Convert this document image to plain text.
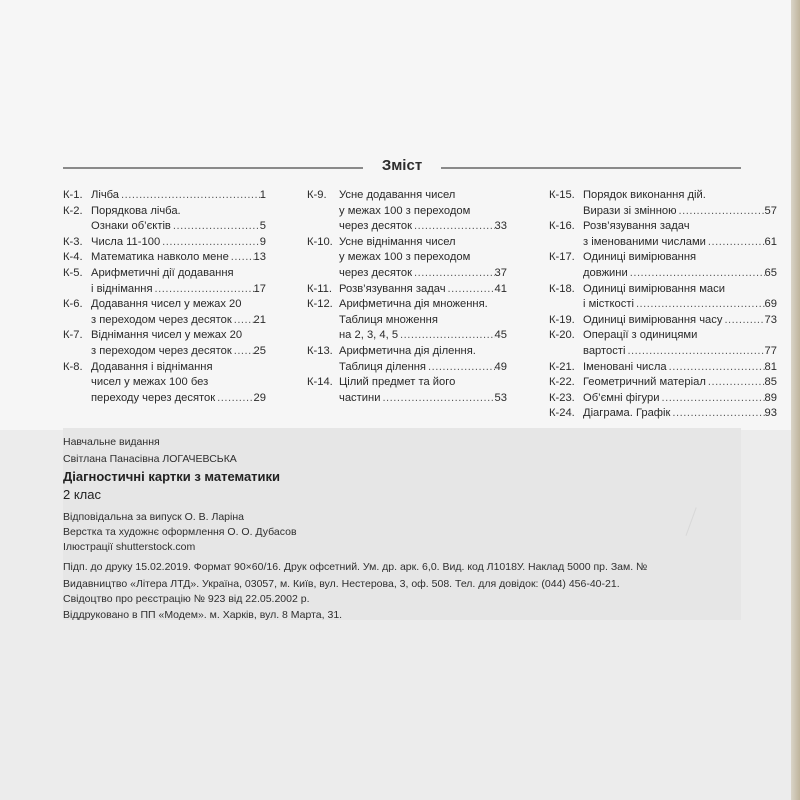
Зміст
К-1. Лічба .....	1
К-2. Порядкова лічба.
Ознаки об’єктів .....	5
К-3. Числа 11-100 .....	9
К-4. Математика навколо мене ..... 13
К-5. Арифметичні дії додавання
і віднімання .....	17
К-6. Додавання чисел у межах 20
з переходом через десяток ..... 21
К-7. Віднімання чисел у межах 20
з переходом через десяток ..... 25
К-8. Додавання і віднімання
чисел у межах 100 без
переходу через десяток .....	29
К-9. Усне додавання чисел
у межах 100 з переходом
через десяток .....	33
К-10. Усне віднімання чисел
у межах 100 з переходом
через десяток .....	37
К-11. Розв’язування задач .....	41
К-12. Арифметична дія множення.
Таблиця множення
на 2, 3, 4, 5 .....	45
К-13. Арифметична дія ділення.
Таблиця ділення .....	49
К-14. Цілий предмет та його
частини .....	53
К-15. Порядок виконання дій.
Вирази зі змінною .....	57
К-16. Розв’язування задач
з іменованими числами .....	61
К-17. Одиниці вимірювання
довжини .....	65
К-18. Одиниці вимірювання маси
і місткості .....	69
К-19. Одиниці вимірювання часу .....	73
К-20. Операції з одиницями
вартості .....	77
К-21. Іменовані числа .....	81
К-22. Геометричний матеріал .....	85
К-23. Об’ємні фігури .....	89
К-24. Діаграма. Графік .....	93
Навчальне видання
Світлана Панасівна ЛОГАЧЕВСЬКА
Діагностичні картки з математики
2 клас
Відповідальна за випуск О. В. Ларіна
Верстка та художнє оформлення О. О. Дубасов
Ілюстрації shutterstock.com
Підп. до друку 15.02.2019. Формат 90×60/16. Друк офсетний. Ум. др. арк. 6,0. Вид. код Л1018У. Наклад 5000 пр. Зам. №
Видавництво «Літера ЛТД». Україна, 03057, м. Київ, вул. Нестерова, 3, оф. 508. Тел. для довідок: (044) 456-40-21.
Свідоцтво про реєстрацію № 923 від 22.05.2002 р.
Віддруковано в ПП «Модем». м. Харків, вул. 8 Марта, 31.
